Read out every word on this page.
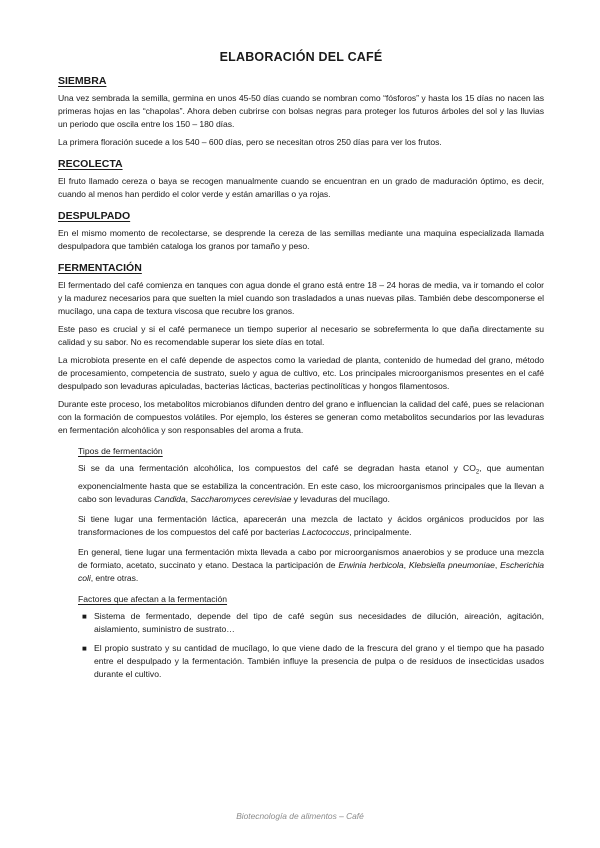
ELABORACIÓN DEL CAFÉ
SIEMBRA

Una vez sembrada la semilla, germina en unos 45-50 días cuando se nombran como “fósforos” y hasta los 15 días no nacen las primeras hojas en las “chapolas”. Ahora deben cubrirse con bolsas negras para proteger los futuros árboles del sol y las lluvias un periodo que oscila entre los 150 – 180 días.

La primera floración sucede a los 540 – 600 días, pero se necesitan otros 250 días para ver los frutos.

RECOLECTA

El fruto llamado cereza o baya se recogen manualmente cuando se encuentran en un grado de maduración óptimo, es decir, cuando al menos han perdido el color verde y están amarillas o ya rojas.

DESPULPADO

En el mismo momento de recolectarse, se desprende la cereza de las semillas mediante una maquina especializada llamada despulpadora que también cataloga los granos por tamaño y peso.

FERMENTACIÓN

El fermentado del café comienza en tanques con agua donde el grano está entre 18 – 24 horas de media, va ir tomando el color y la madurez necesarios para que suelten la miel cuando son trasladados a unas nuevas pilas. También debe descomponerse el mucílago, una capa de textura viscosa que recubre los granos.

Este paso es crucial y si el café permanece un tiempo superior al necesario se sobrefermenta lo que daña directamente su calidad y su sabor. No es recomendable superar los siete días en total.

La microbiota presente en el café depende de aspectos como la variedad de planta, contenido de humedad del grano, método de procesamiento, competencia de sustrato, suelo y agua de cultivo, etc. Los principales microorganismos presentes en el café despulpado son levaduras apiculadas, bacterias lácticas, bacterias pectinolíticas y hongos filamentosos.

Durante este proceso, los metabolitos microbianos difunden dentro del grano e influencian la calidad del café, pues se relacionan con la formación de compuestos volátiles. Por ejemplo, los ésteres se generan como metabolitos secundarios por las levaduras en fermentación alcohólica y son responsables del aroma a fruta.

Tipos de fermentación

Si se da una fermentación alcohólica, los compuestos del café se degradan hasta etanol y $CO_2$, que aumentan exponencialmente hasta que se estabiliza la concentración. En este caso, los microorganismos principales que la llevan a cabo son levaduras Candida, Saccharomyces cerevisiae y levaduras del mucílago.

Si tiene lugar una fermentación láctica, aparecerán una mezcla de lactato y ácidos orgánicos producidos por las transformaciones de los compuestos del café por bacterias Lactococcus, principalmente.

En general, tiene lugar una fermentación mixta llevada a cabo por microorganismos anaerobios y se produce una mezcla de formiato, acetato, succinato y etano. Destaca la participación de Erwinia herbicola, Klebsiella pneumoniae, Escherichia coli, entre otras.

Factores que afectan a la fermentación
■ Sistema de fermentado, depende del tipo de café según sus necesidades de dilución, aireación, agitación, aislamiento, suministro de sustrato…
■ El propio sustrato y su cantidad de mucílago, lo que viene dado de la frescura del grano y el tiempo que ha pasado entre el despulpado y la fermentación. También influye la presencia de pulpa o de residuos de insecticidas usados durante el cultivo.
Biotecnología de alimentos – Café
